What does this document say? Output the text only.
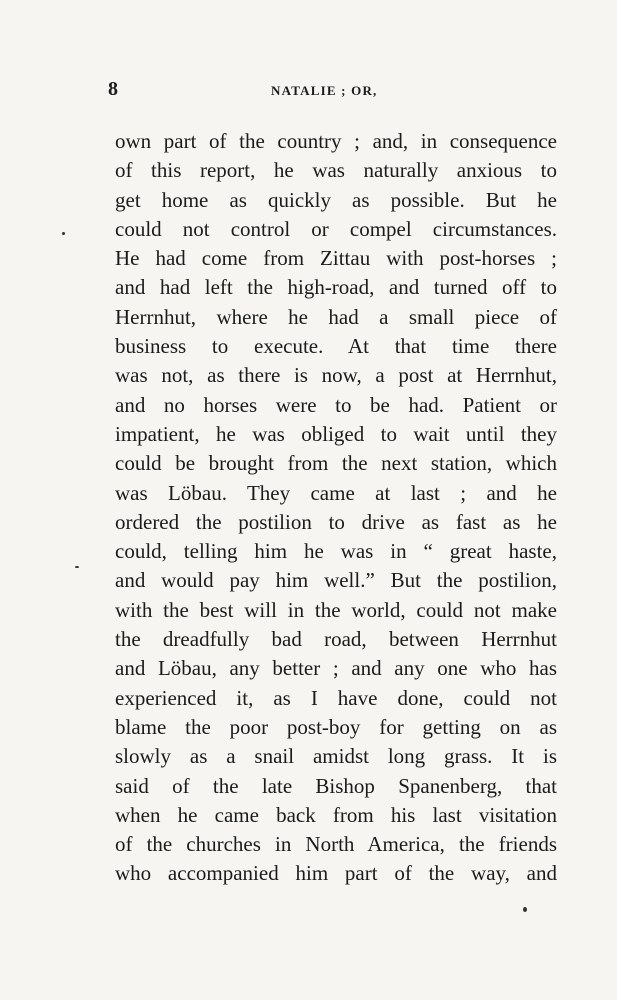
8	NATALIE ; OR,
own part of the country ; and, in consequence
of this report, he was naturally anxious to
get home as quickly as possible. But he
could not control or compel circumstances.
He had come from Zittau with post-horses ;
and had left the high-road, and turned off to
Herrnhut, where he had a small piece of
business to execute. At that time there
was not, as there is now, a post at Herrnhut,
and no horses were to be had. Patient or
impatient, he was obliged to wait until they
could be brought from the next station, which
was Löbau. They came at last ; and he
ordered the postilion to drive as fast as he
could, telling him he was in “ great haste,
and would pay him well.” But the postilion,
with the best will in the world, could not make
the dreadfully bad road, between Herrnhut
and Löbau, any better ; and any one who has
experienced it, as I have done, could not
blame the poor post-boy for getting on as
slowly as a snail amidst long grass. It is
said of the late Bishop Spanenberg, that
when he came back from his last visitation
of the churches in North America, the friends
who accompanied him part of the way, and
